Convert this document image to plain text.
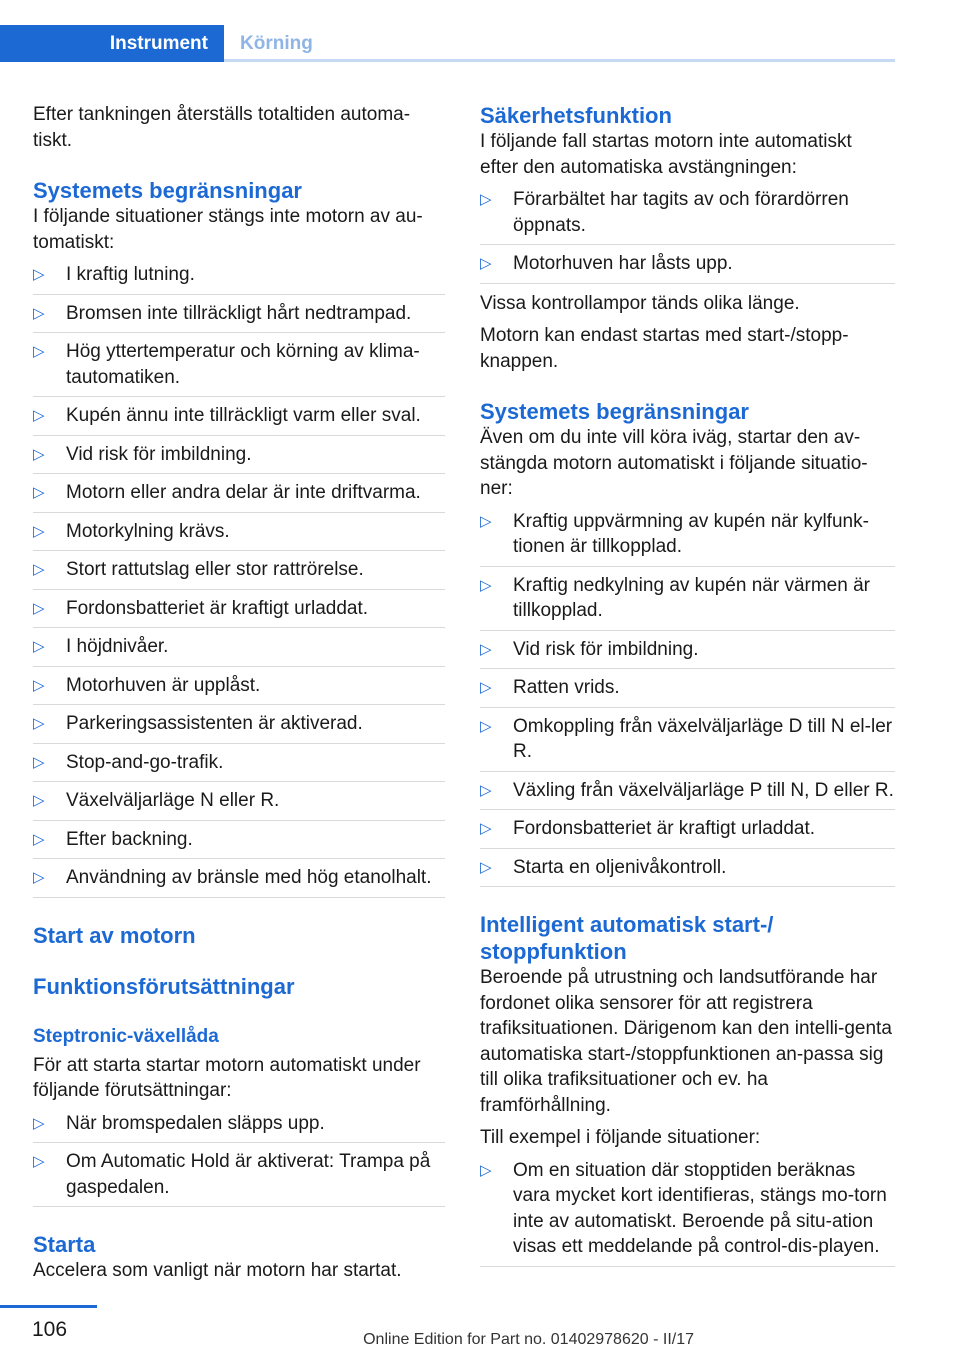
Instrument Körning

Efter tankningen återställs totaltiden automa-tiskt.

Systemets begränsningar

I följande situationer stängs inte motorn av au-tomatiskt:

▷ I kraftig lutning.
▷ Bromsen inte tillräckligt hårt nedtrampad.
▷ Hög yttertemperatur och körning av klima-tautomatiken.
▷ Kupén ännu inte tillräckligt varm eller sval.
▷ Vid risk för imbildning.
▷ Motorn eller andra delar är inte driftvarma.
▷ Motorkylning krävs.
▷ Stort rattutslag eller stor rattrörelse.
▷ Fordonsbatteriet är kraftigt urladdat.
▷ I höjdnivåer.
▷ Motorhuven är upplåst.
▷ Parkeringsassistenten är aktiverad.
▷ Stop-and-go-trafik.
▷ Växelväljarläge N eller R.
▷ Efter backning.
▷ Användning av bränsle med hög etanolhalt.
Start av motorn
Funktionsförutsättningar
Steptronic-växellåda

För att starta startar motorn automatiskt under följande förutsättningar:

▷ När bromspedalen släpps upp.
▷ Om Automatic Hold är aktiverat: Trampa på gaspedalen.
Starta

Accelera som vanligt när motorn har startat.

Säkerhetsfunktion

I följande fall startas motorn inte automatiskt efter den automatiska avstängningen:

▷ Förarbältet har tagits av och förardörren öppnats.
▷ Motorhuven har låsts upp.

Vissa kontrollampor tänds olika länge.

Motorn kan endast startas med start-/stopp-knappen.

Systemets begränsningar

Även om du inte vill köra iväg, startar den av-stängda motorn automatiskt i följande situatio-ner:

▷ Kraftig uppvärmning av kupén när kylfunk-tionen är tillkopplad.
▷ Kraftig nedkylning av kupén när värmen är tillkopplad.
▷ Vid risk för imbildning.
▷ Ratten vrids.
▷ Omkoppling från växelväljarläge D till N el-ler R.
▷ Växling från växelväljarläge P till N, D eller R.
▷ Fordonsbatteriet är kraftigt urladdat.
▷ Starta en oljenivåkontroll.
Intelligent automatisk start-/ stoppfunktion

Beroende på utrustning och landsutförande har fordonet olika sensorer för att registrera trafiksituationen. Därigenom kan den intelli-genta automatiska start-/stoppfunktionen an-passa sig till olika trafiksituationer och ev. ha framförhållning.

Till exempel i följande situationer:

▷ Om en situation där stopptiden beräknas vara mycket kort identifieras, stängs mo-torn inte av automatiskt. Beroende på situ-ation visas ett meddelande på control-dis-playen.
106	Online Edition for Part no. 01402978620 - II/17
